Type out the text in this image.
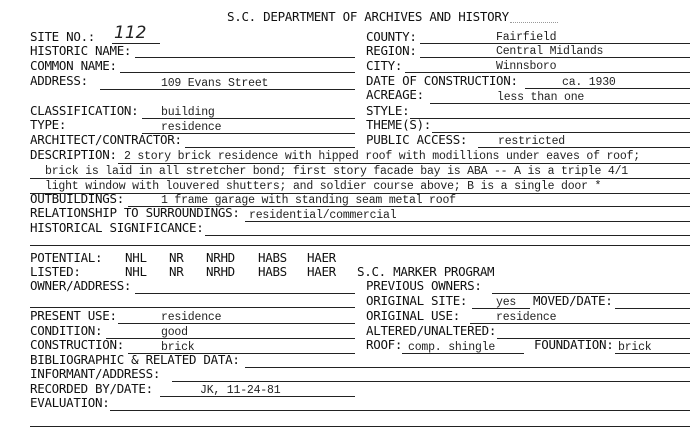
S.C. DEPARTMENT OF ARCHIVES AND HISTORY
SITE NO.: 112
HISTORIC NAME:
COMMON NAME:
ADDRESS:	109 Evans Street
COUNTY:	Fairfield
REGION:	Central Midlands
CITY:	Winnsboro
DATE OF CONSTRUCTION:	ca. 1930
ACREAGE:	less than one
CLASSIFICATION: building	STYLE:
TYPE:	residence	THEME(S):
ARCHITECT/CONTRACTOR:	PUBLIC ACCESS:	restricted
DESCRIPTION: 2 story brick residence with hipped roof with modillions under eaves of roof;
brick is laid in all stretcher bond; first story facade bay is ABA -- A is a triple 4/1
light window with louvered shutters; and soldier course above; B is a single door *
OUTBUILDINGS:	1 frame garage with standing seam metal roof
RELATIONSHIP TO SURROUNDINGS: residential/commercial
HISTORICAL SIGNIFICANCE:
POTENTIAL: NHL NR NRHD HABS HAER
LISTED:	NHL NR NRHD HABS HAER S.C. MARKER PROGRAM
OWNER/ADDRESS:	PREVIOUS OWNERS:
ORIGINAL SITE:	yes MOVED/DATE:
PRESENT USE:	residence	ORIGINAL USE:	residence
CONDITION:	good	ALTERED/UNALTERED:
CONSTRUCTION:	brick	ROOF: comp. shingle	FOUNDATION: brick
BIBLIOGRAPHIC & RELATED DATA:
INFORMANT/ADDRESS:
RECORDED BY/DATE:	JK, 11-24-81
EVALUATION:
